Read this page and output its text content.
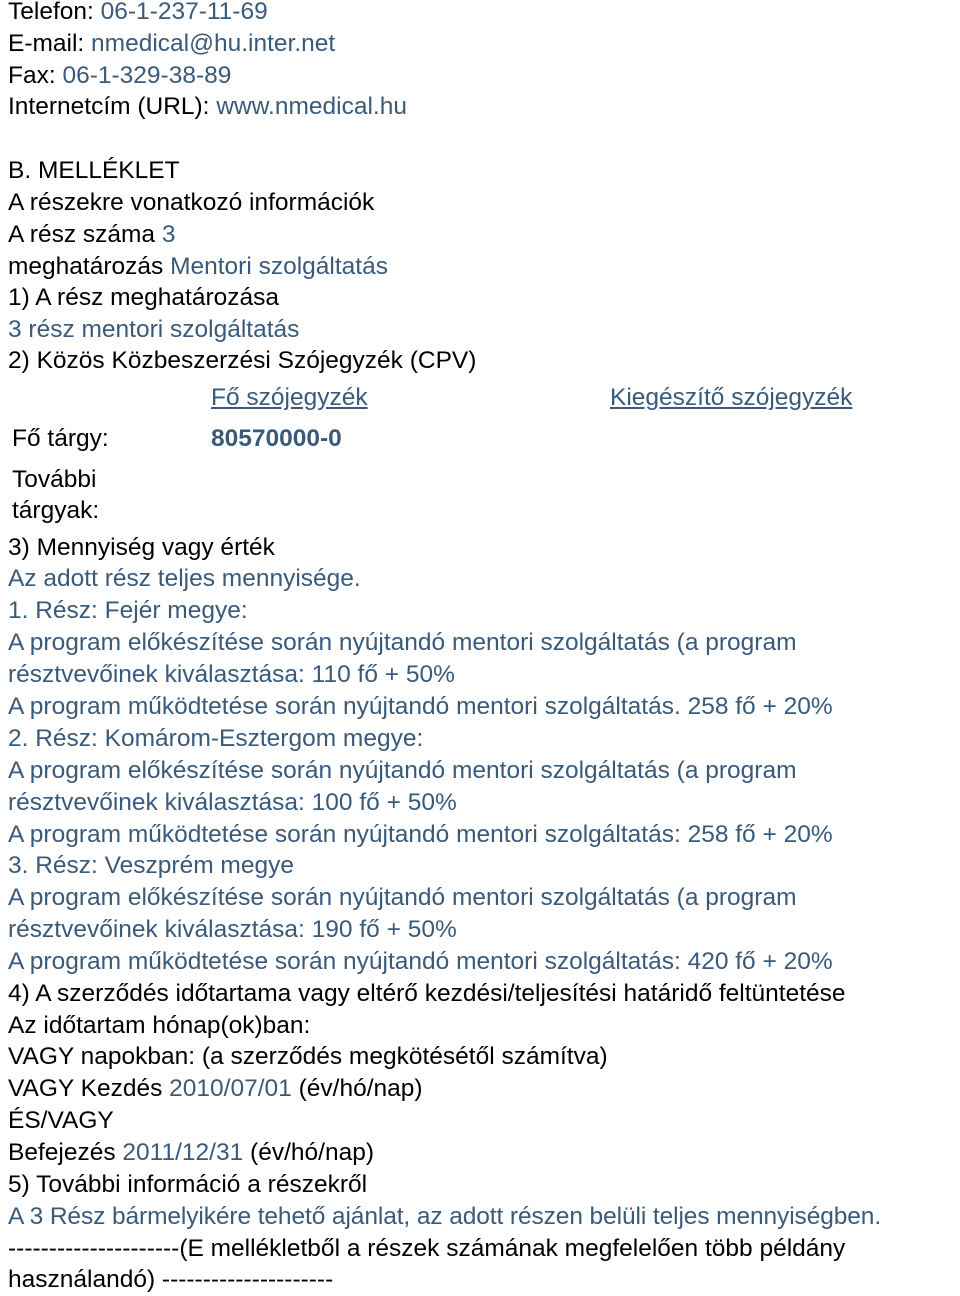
Telefon: 06-1-237-11-69
E-mail: nmedical@hu.inter.net
Fax: 06-1-329-38-89
Internetcím (URL): www.nmedical.hu
B. MELLÉKLET
A részekre vonatkozó információk
A rész száma 3
meghatározás Mentori szolgáltatás
1) A rész meghatározása
3 rész mentori szolgáltatás
2) Közös Közbeszerzési Szójegyzék (CPV)
Fő szójegyzék	Kiegészítő szójegyzék
Fő tárgy:	80570000-0
További
tárgyak:
3) Mennyiség vagy érték
Az adott rész teljes mennyisége.
1. Rész: Fejér megye:
A program előkészítése során nyújtandó mentori szolgáltatás (a program
résztvevőinek kiválasztása: 110 fő + 50%
A program működtetése során nyújtandó mentori szolgáltatás. 258 fő + 20%
2. Rész: Komárom-Esztergom megye:
A program előkészítése során nyújtandó mentori szolgáltatás (a program
résztvevőinek kiválasztása: 100 fő + 50%
A program működtetése során nyújtandó mentori szolgáltatás: 258 fő + 20%
3. Rész: Veszprém megye
A program előkészítése során nyújtandó mentori szolgáltatás (a program
résztvevőinek kiválasztása: 190 fő + 50%
A program működtetése során nyújtandó mentori szolgáltatás: 420 fő + 20%
4) A szerződés időtartama vagy eltérő kezdési/teljesítési határidő feltüntetése
Az időtartam hónap(ok)ban:
VAGY napokban: (a szerződés megkötésétől számítva)
VAGY Kezdés 2010/07/01 (év/hó/nap)
ÉS/VAGY
Befejezés 2011/12/31 (év/hó/nap)
5) További információ a részekről
A 3 Rész bármelyikére tehető ajánlat, az adott részen belüli teljes mennyiségben.
---------------------(E mellékletből a részek számának megfelelően több példány
használandó) ---------------------
